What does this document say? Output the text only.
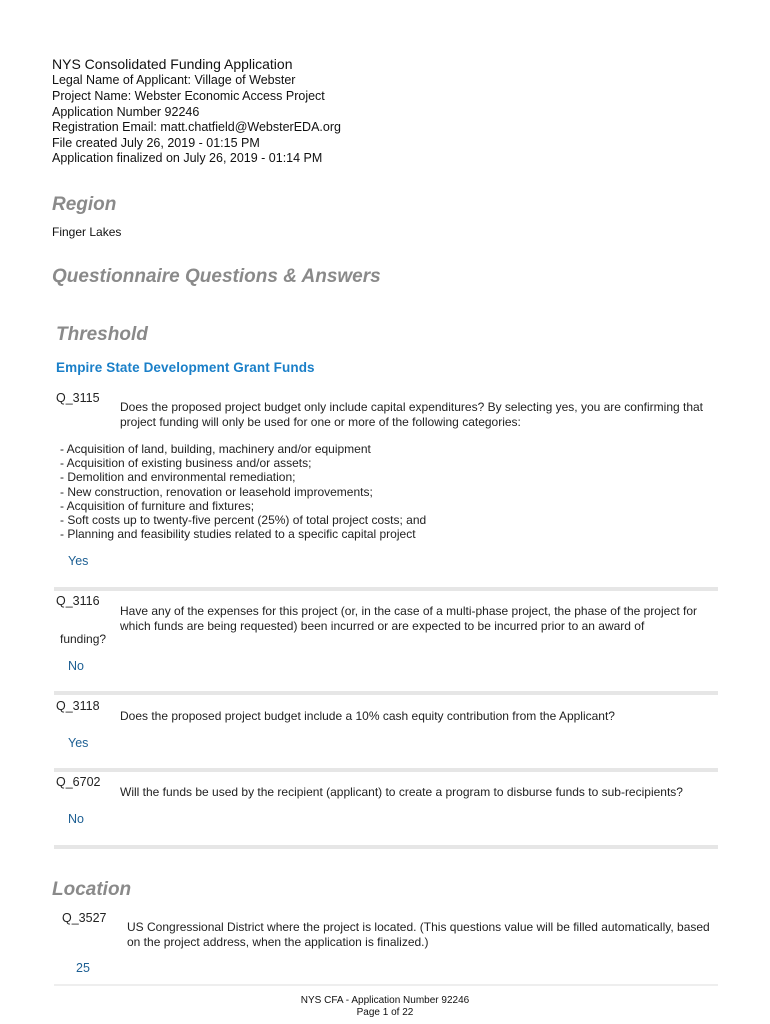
NYS Consolidated Funding Application
Legal Name of Applicant: Village of Webster
Project Name: Webster Economic Access Project
Application Number 92246
Registration Email: matt.chatfield@WebsterEDA.org
File created July 26, 2019 - 01:15 PM
Application finalized on July 26, 2019 - 01:14 PM
Region
Finger Lakes
Questionnaire Questions & Answers
Threshold
Empire State Development Grant Funds
Q_3115
Does the proposed project budget only include capital expenditures? By selecting yes, you are confirming that project funding will only be used for one or more of the following categories:
- Acquisition of land, building, machinery and/or equipment
- Acquisition of existing business and/or assets;
- Demolition and environmental remediation;
- New construction, renovation or leasehold improvements;
- Acquisition of furniture and fixtures;
- Soft costs up to twenty-five percent (25%) of total project costs; and
- Planning and feasibility studies related to a specific capital project
Yes
Q_3116
Have any of the expenses for this project (or, in the case of a multi-phase project, the phase of the project for which funds are being requested) been incurred or are expected to be incurred prior to an award of
funding?
No
Q_3118
Does the proposed project budget include a 10% cash equity contribution from the Applicant?
Yes
Q_6702
Will the funds be used by the recipient (applicant) to create a program to disburse funds to sub-recipients?
No
Location
Q_3527
US Congressional District where the project is located. (This questions value will be filled automatically, based on the project address, when the application is finalized.)
25
NYS CFA - Application Number 92246
Page 1 of 22
